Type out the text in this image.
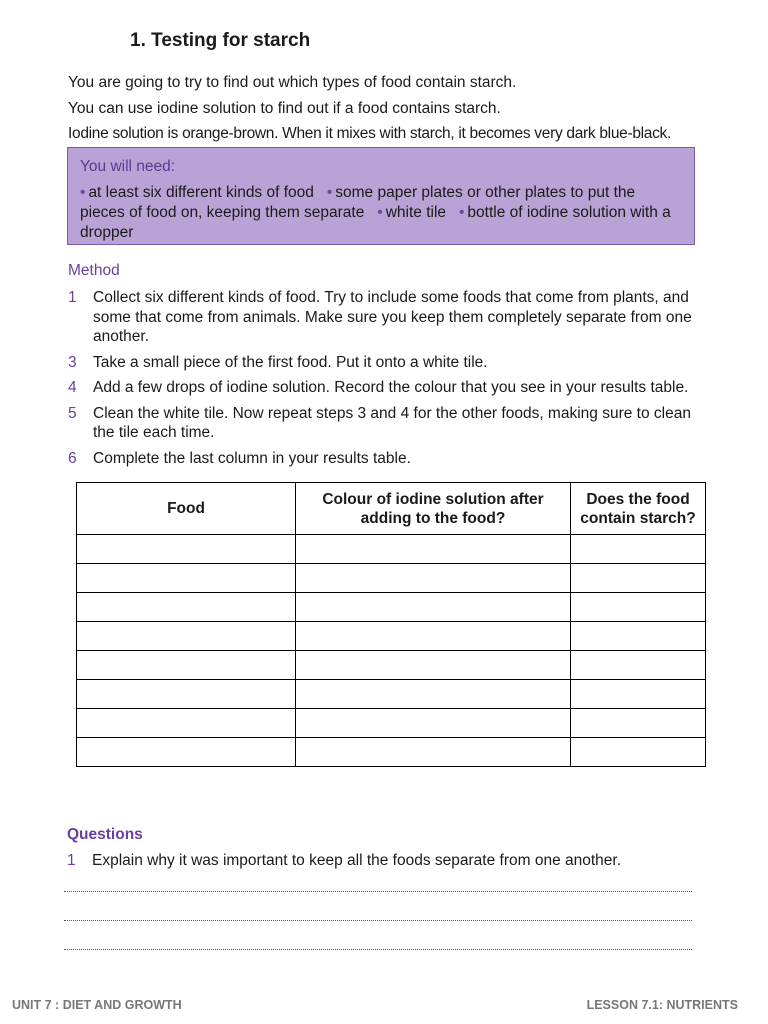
1. Testing for starch
You are going to try to find out which types of food contain starch.
You can use iodine solution to find out if a food contains starch.
Iodine solution is orange-brown. When it mixes with starch, it becomes very dark blue-black.
You will need:
• at least six different kinds of food • some paper plates or other plates to put the pieces of food on, keeping them separate • white tile • bottle of iodine solution with a dropper
Method
1	Collect six different kinds of food. Try to include some foods that come from plants, and some that come from animals. Make sure you keep them completely separate from one another.
3	Take a small piece of the first food. Put it onto a white tile.
4	Add a few drops of iodine solution. Record the colour that you see in your results table.
5	Clean the white tile. Now repeat steps 3 and 4 for the other foods, making sure to clean the tile each time.
6	Complete the last column in your results table.
Food	Colour of iodine solution after adding to the food?	Does the food contain starch?

Questions
1	Explain why it was important to keep all the foods separate from one another.
UNIT 7 : DIET AND GROWTH	LESSON 7.1: NUTRIENTS
